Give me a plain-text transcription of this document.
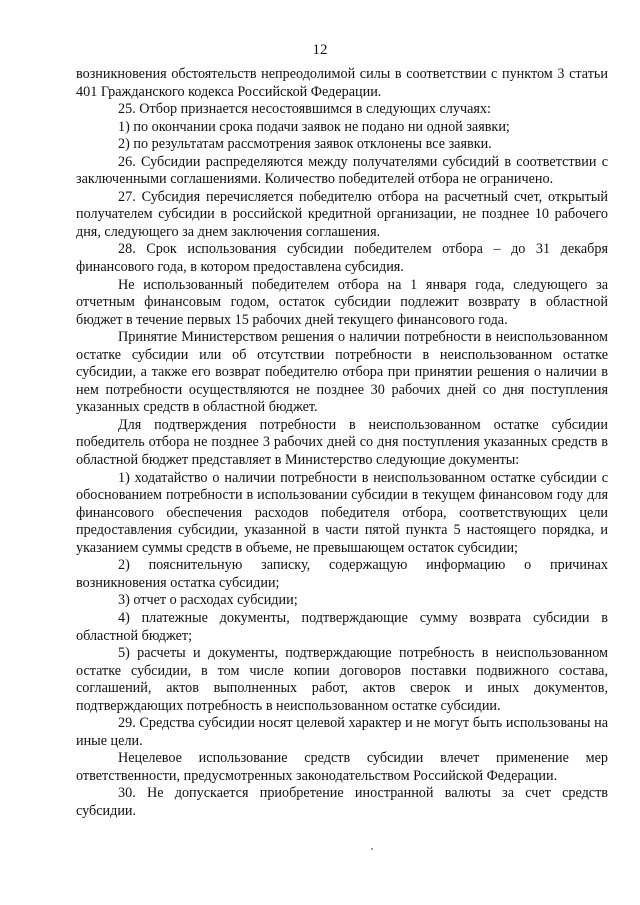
12

возникновения обстоятельств непреодолимой силы в соответствии с пунктом 3 статьи 401 Гражданского кодекса Российской Федерации.

25. Отбор признается несостоявшимся в следующих случаях:

1) по окончании срока подачи заявок не подано ни одной заявки;

2) по результатам рассмотрения заявок отклонены все заявки.

26. Субсидии распределяются между получателями субсидий в соответствии с заключенными соглашениями. Количество победителей отбора не ограничено.

27. Субсидия перечисляется победителю отбора на расчетный счет, открытый получателем субсидии в российской кредитной организации, не позднее 10 рабочего дня, следующего за днем заключения соглашения.

28. Срок использования субсидии победителем отбора – до 31 декабря финансового года, в котором предоставлена субсидия.

Не использованный победителем отбора на 1 января года, следующего за отчетным финансовым годом, остаток субсидии подлежит возврату в областной бюджет в течение первых 15 рабочих дней текущего финансового года.

Принятие Министерством решения о наличии потребности в неиспользованном остатке субсидии или об отсутствии потребности в неиспользованном остатке субсидии, а также его возврат победителю отбора при принятии решения о наличии в нем потребности осуществляются не позднее 30 рабочих дней со дня поступления указанных средств в областной бюджет.

Для подтверждения потребности в неиспользованном остатке субсидии победитель отбора не позднее 3 рабочих дней со дня поступления указанных средств в областной бюджет представляет в Министерство следующие документы:

1) ходатайство о наличии потребности в неиспользованном остатке субсидии с обоснованием потребности в использовании субсидии в текущем финансовом году для финансового обеспечения расходов победителя отбора, соответствующих цели предоставления субсидии, указанной в части пятой пункта 5 настоящего порядка, и указанием суммы средств в объеме, не превышающем остаток субсидии;

2) пояснительную записку, содержащую информацию о причинах возникновения остатка субсидии;

3) отчет о расходах субсидии;

4) платежные документы, подтверждающие сумму возврата субсидии в областной бюджет;

5) расчеты и документы, подтверждающие потребность в неиспользованном остатке субсидии, в том числе копии договоров поставки подвижного состава, соглашений, актов выполненных работ, актов сверок и иных документов, подтверждающих потребность в неиспользованном остатке субсидии.

29. Средства субсидии носят целевой характер и не могут быть использованы на иные цели.

Нецелевое использование средств субсидии влечет применение мер ответственности, предусмотренных законодательством Российской Федерации.

30. Не допускается приобретение иностранной валюты за счет средств субсидии.
